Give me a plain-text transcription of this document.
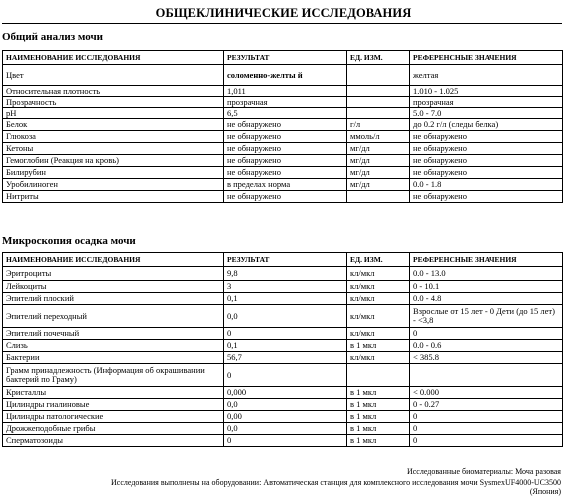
ОБЩЕКЛИНИЧЕСКИЕ ИССЛЕДОВАНИЯ
Общий анализ мочи
НАИМЕНОВАНИЕ ИССЛЕДОВАНИЯ	РЕЗУЛЬТАТ	ЕД. ИЗМ.	РЕФЕРЕНСНЫЕ ЗНАЧЕНИЯ
Цвет	соломенно-желты й		желтая
Относительная плотность	1,011		1.010 - 1.025
Прозрачность	прозрачная		прозрачная
pH	6,5		5.0 - 7.0
Белок	не обнаружено	г/л	до 0.2 г/л (следы белка)
Глюкоза	не обнаружено	ммоль/л	не обнаружено
Кетоны	не обнаружено	мг/дл	не обнаружено
Гемоглобин (Реакция на кровь)	не обнаружено	мг/дл	не обнаружено
Билирубин	не обнаружено	мг/дл	не обнаружено
Уробилиноген	в пределах норма	мг/дл	0.0 - 1.8
Нитриты	не обнаружено		не обнаружено
Микроскопия осадка мочи
НАИМЕНОВАНИЕ ИССЛЕДОВАНИЯ	РЕЗУЛЬТАТ	ЕД. ИЗМ.	РЕФЕРЕНСНЫЕ ЗНАЧЕНИЯ
Эритроциты	9,8	кл/мкл	0.0 - 13.0
Лейкоциты	3	кл/мкл	0 - 10.1
Эпителий плоский	0,1	кл/мкл	0.0 - 4.8
Эпителий переходный	0,0	кл/мкл	Взрослые от 15 лет - 0 Дети (до 15 лет) - <3,8
Эпителий почечный	0	кл/мкл	0
Слизь	0,1	в 1 мкл	0.0 - 0.6
Бактерии	56,7	кл/мкл	< 385.8
Грамм принадлежность (Информация об окрашивании бактерий по Граму)	0		
Кристаллы	0,000	в 1 мкл	< 0.000
Цилиндры гиалиновые	0,0	в 1 мкл	0 - 0.27
Цилиндры патологические	0,00	в 1 мкл	0
Дрожжеподобные грибы	0,0	в 1 мкл	0
Сперматозоиды	0	в 1 мкл	0
Исследованные биоматериалы: Моча разовая
Исследования выполнены на оборудовании: Автоматическая станция для комплексного исследования мочи SysmexUF4000-UC3500
(Япония)
